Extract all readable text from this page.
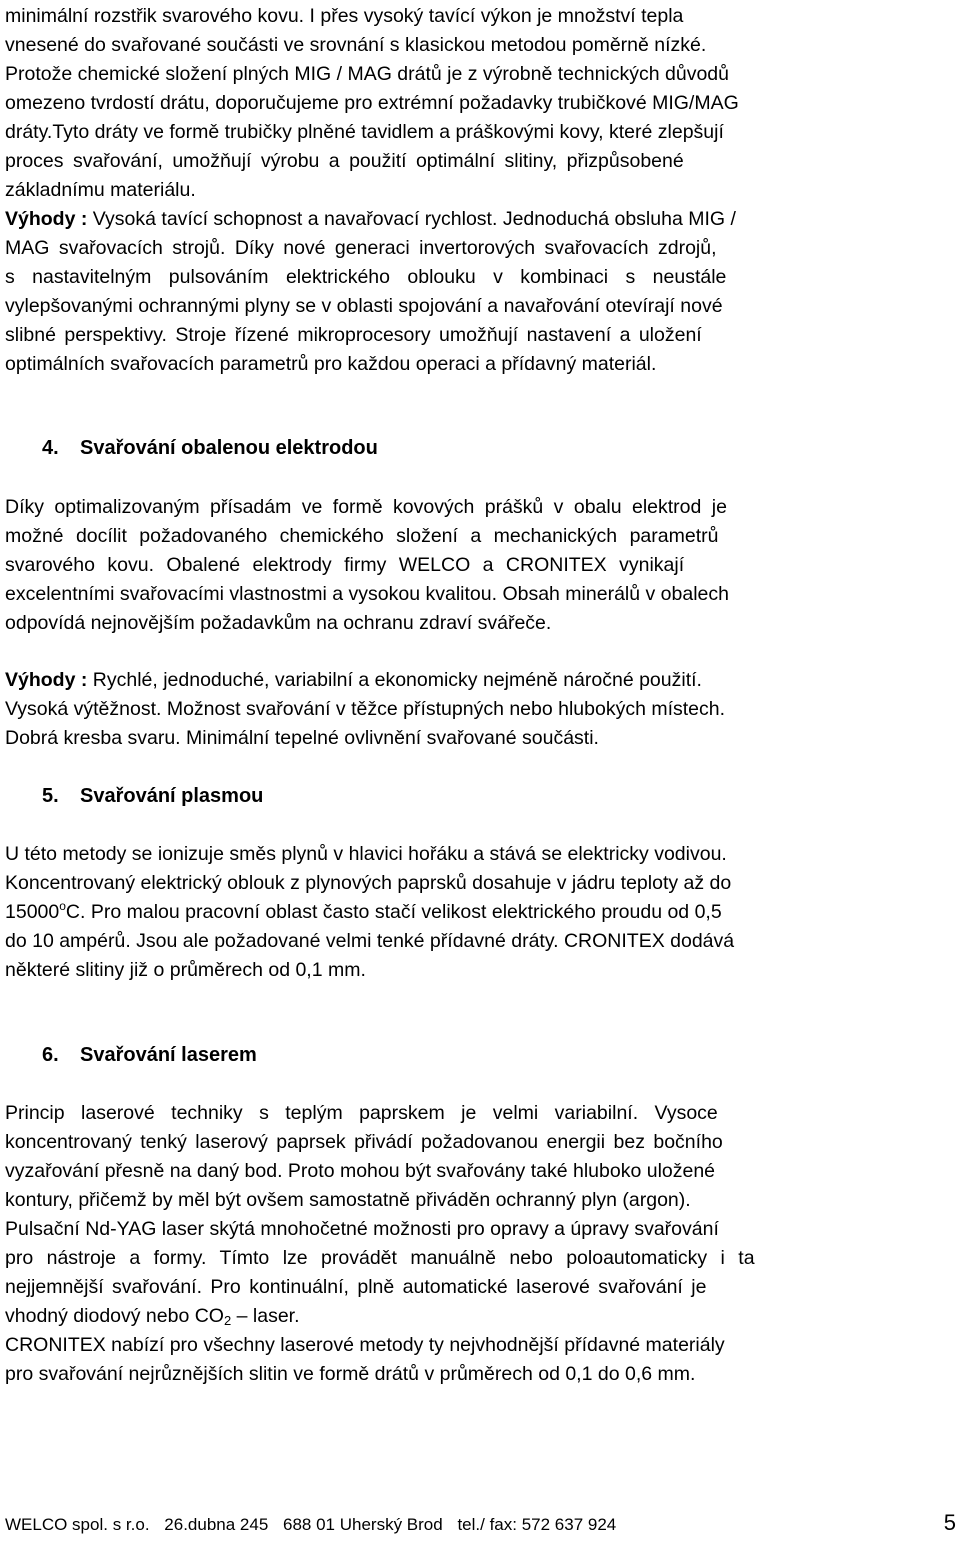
minimální rozstřik svarového kovu. I přes vysoký tavící výkon je množství tepla
vnesené do svařované součásti ve srovnání s klasickou metodou poměrně nízké.
Protože chemické složení plných MIG / MAG drátů je z výrobně technických důvodů
omezeno tvrdostí drátu, doporučujeme pro extrémní požadavky trubičkové MIG/MAG
dráty.Tyto dráty ve formě trubičky plněné tavidlem a práškovými kovy, které zlepšují
proces svařování, umožňují výrobu a použití optimální slitiny, přizpůsobené
základnímu materiálu.
Výhody : Vysoká tavící schopnost a navařovací rychlost. Jednoduchá obsluha MIG /
MAG svařovacích strojů. Díky nové generaci invertorových svařovacích zdrojů,
s nastavitelným pulsováním elektrického oblouku v kombinaci s neustále
vylepšovanými ochrannými plyny se v oblasti spojování a navařování otevírají nové
slibné perspektivy. Stroje řízené mikroprocesory umožňují nastavení a uložení
optimálních svařovacích parametrů pro každou operaci a přídavný materiál.
4. Svařování obalenou elektrodou
Díky optimalizovaným přísadám ve formě kovových prášků v obalu elektrod je
možné docílit požadovaného chemického složení a mechanických parametrů
svarového kovu. Obalené elektrody firmy WELCO a CRONITEX vynikají
excelentními svařovacími vlastnostmi a vysokou kvalitou. Obsah minerálů v obalech
odpovídá nejnovějším požadavkům na ochranu zdraví svářeče.
Výhody : Rychlé, jednoduché, variabilní a ekonomicky nejméně náročné použití.
Vysoká výtěžnost. Možnost svařování v těžce přístupných nebo hlubokých místech.
Dobrá kresba svaru. Minimální tepelné ovlivnění svařované součásti.
5. Svařování plasmou
U této metody se ionizuje směs plynů v hlavici hořáku a stává se elektricky vodivou.
Koncentrovaný elektrický oblouk z plynových paprsků dosahuje v jádru teploty až do
15000$^o$C. Pro malou pracovní oblast často stačí velikost elektrického proudu od 0,5
do 10 ampérů. Jsou ale požadované velmi tenké přídavné dráty. CRONITEX dodává
některé slitiny již o průměrech od 0,1 mm.
6. Svařování laserem
Princip laserové techniky s teplým paprskem je velmi variabilní. Vysoce
koncentrovaný tenký laserový paprsek přivádí požadovanou energii bez bočního
vyzařování přesně na daný bod. Proto mohou být svařovány také hluboko uložené
kontury, přičemž by měl být ovšem samostatně přiváděn ochranný plyn (argon).
Pulsační Nd-YAG laser skýtá mnohočetné možnosti pro opravy a úpravy svařování
pro nástroje a formy. Tímto lze provádět manuálně nebo poloautomaticky i ta
nejjemnější svařování. Pro kontinuální, plně automatické laserové svařování je
vhodný diodový nebo $CO_2$ – laser.
CRONITEX nabízí pro všechny laserové metody ty nejvhodnější přídavné materiály
pro svařování nejrůznějších slitin ve formě drátů v průměrech od 0,1 do 0,6 mm.
WELCO spol. s r.o. 26.dubna 245 688 01 Uherský Brod tel./ fax: 572 637 924	5
